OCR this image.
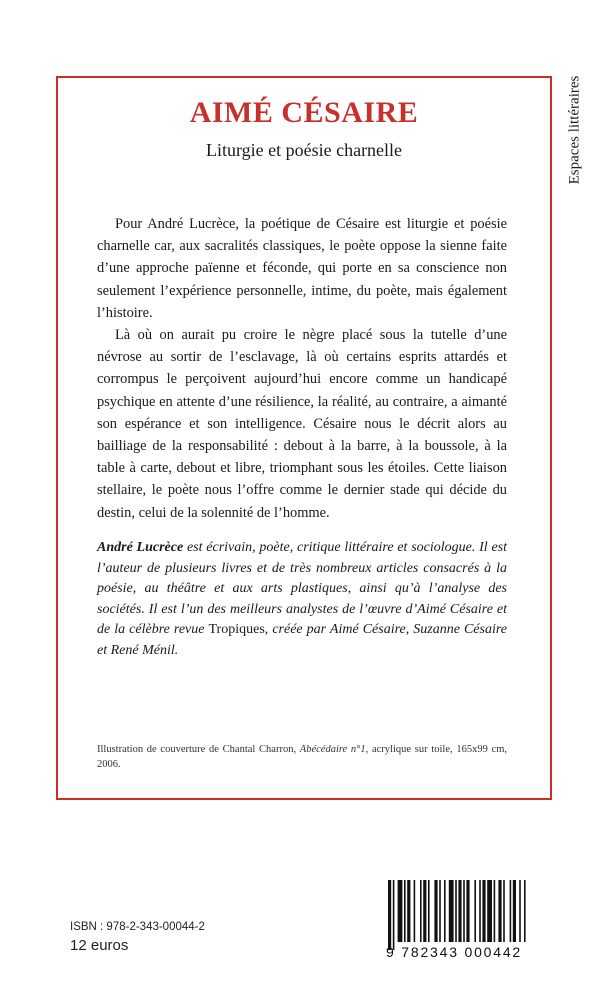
AIMÉ CÉSAIRE
Liturgie et poésie charnelle

Pour André Lucrèce, la poétique de Césaire est liturgie et poésie charnelle car, aux sacralités classiques, le poète oppose la sienne faite d’une approche païenne et féconde, qui porte en sa conscience non seulement l’expérience personnelle, intime, du poète, mais également l’histoire.

Là où on aurait pu croire le nègre placé sous la tutelle d’une névrose au sortir de l’esclavage, là où certains esprits attardés et corrompus le perçoivent aujourd’hui encore comme un handicapé psychique en attente d’une résilience, la réalité, au contraire, a aimanté son espérance et son intelligence. Césaire nous le décrit alors au bailliage de la responsabilité : debout à la barre, à la boussole, à la table à carte, debout et libre, triomphant sous les étoiles. Cette liaison stellaire, le poète nous l’offre comme le dernier stade qui décide du destin, celui de la solennité de l’homme.

André Lucrèce est écrivain, poète, critique littéraire et sociologue. Il est l’auteur de plusieurs livres et de très nombreux articles consacrés à la poésie, au théâtre et aux arts plastiques, ainsi qu’à l’analyse des sociétés. Il est l’un des meilleurs analystes de l’œuvre d’Aimé Césaire et de la célèbre revue Tropiques, créée par Aimé Césaire, Suzanne Césaire et René Ménil.

Illustration de couverture de Chantal Charron, Abécédaire n°1, acrylique sur toile, 165x99 cm, 2006.
Espaces littéraires
ISBN : 978-2-343-00044-2
12 euros	9 782343 000442
